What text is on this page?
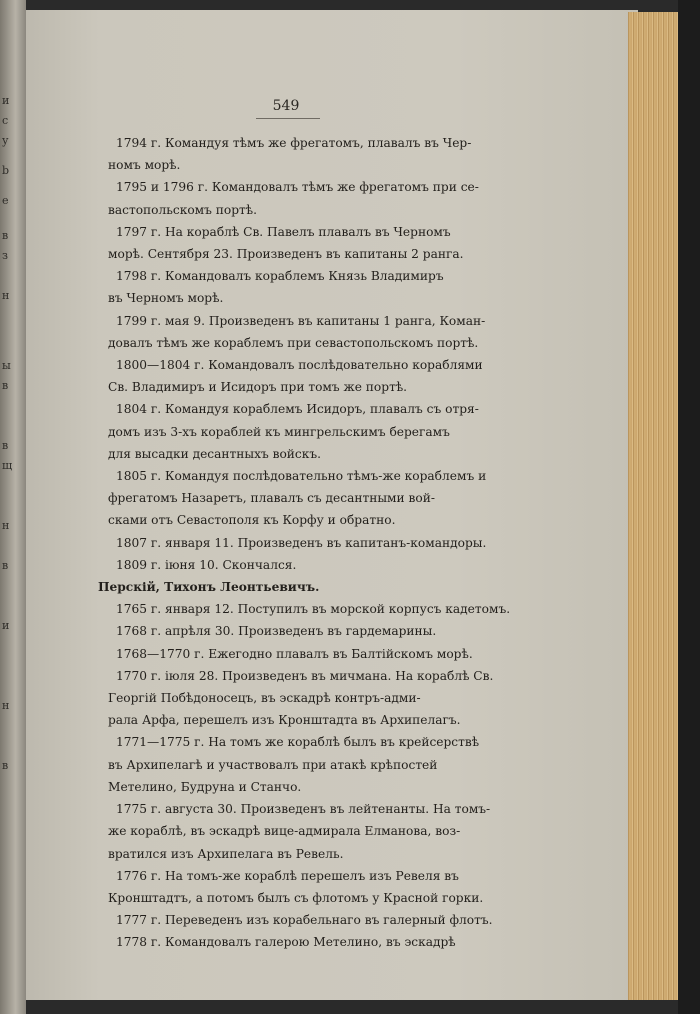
и
с
у
b
е
в
з
н
ы
в
в
щ
н
в
и
н
в
549
1794 г. Командуя тѣмъ же фрегатомъ, плавалъ въ Чер-
номъ морѣ.
1795 и 1796 г. Командовалъ тѣмъ же фрегатомъ при се-
вастопольскомъ портѣ.
1797 г. На кораблѣ Св. Павелъ плавалъ въ Черномъ
морѣ. Сентября 23. Произведенъ въ капитаны 2 ранга.
1798 г. Командовалъ кораблемъ Князь Владимиръ
въ Черномъ морѣ.
1799 г. мая 9. Произведенъ въ капитаны 1 ранга, Коман-
довалъ тѣмъ же кораблемъ при севастопольскомъ портѣ.
1800—1804 г. Командовалъ послѣдовательно кораблями
Св. Владимиръ и Исидоръ при томъ же портѣ.
1804 г. Командуя кораблемъ Исидоръ, плавалъ съ отря-
домъ изъ 3-хъ кораблей къ мингрельскимъ берегамъ
для высадки десантныхъ войскъ.
1805 г. Командуя послѣдовательно тѣмъ-же кораблемъ и
фрегатомъ Назаретъ, плавалъ съ десантными вой-
сками отъ Севастополя къ Корфу и обратно.
1807 г. января 11. Произведенъ въ капитанъ-командоры.
1809 г. іюня 10. Скончался.
Перскій, Тихонъ Леонтьевичъ.
1765 г. января 12. Поступилъ въ морской корпусъ кадетомъ.
1768 г. апрѣля 30. Произведенъ въ гардемарины.
1768—1770 г. Ежегодно плавалъ въ Балтійскомъ морѣ.
1770 г. іюля 28. Произведенъ въ мичмана. На кораблѣ Св.
Георгій Побѣдоносецъ, въ эскадрѣ контръ-адми-
рала Арфа, перешелъ изъ Кронштадта въ Архипелагъ.
1771—1775 г. На томъ же кораблѣ былъ въ крейсерствѣ
въ Архипелагѣ и участвовалъ при атакѣ крѣпостей
Метелино, Будруна и Станчо.
1775 г. августа 30. Произведенъ въ лейтенанты. На томъ-
же кораблѣ, въ эскадрѣ вице-адмирала Елманова, воз-
вратился изъ Архипелага въ Ревель.
1776 г. На томъ-же кораблѣ перешелъ изъ Ревеля въ
Кронштадтъ, а потомъ былъ съ флотомъ у Красной горки.
1777 г. Переведенъ изъ корабельнаго въ галерный флотъ.
1778 г. Командовалъ галерою Метелино, въ эскадрѣ
